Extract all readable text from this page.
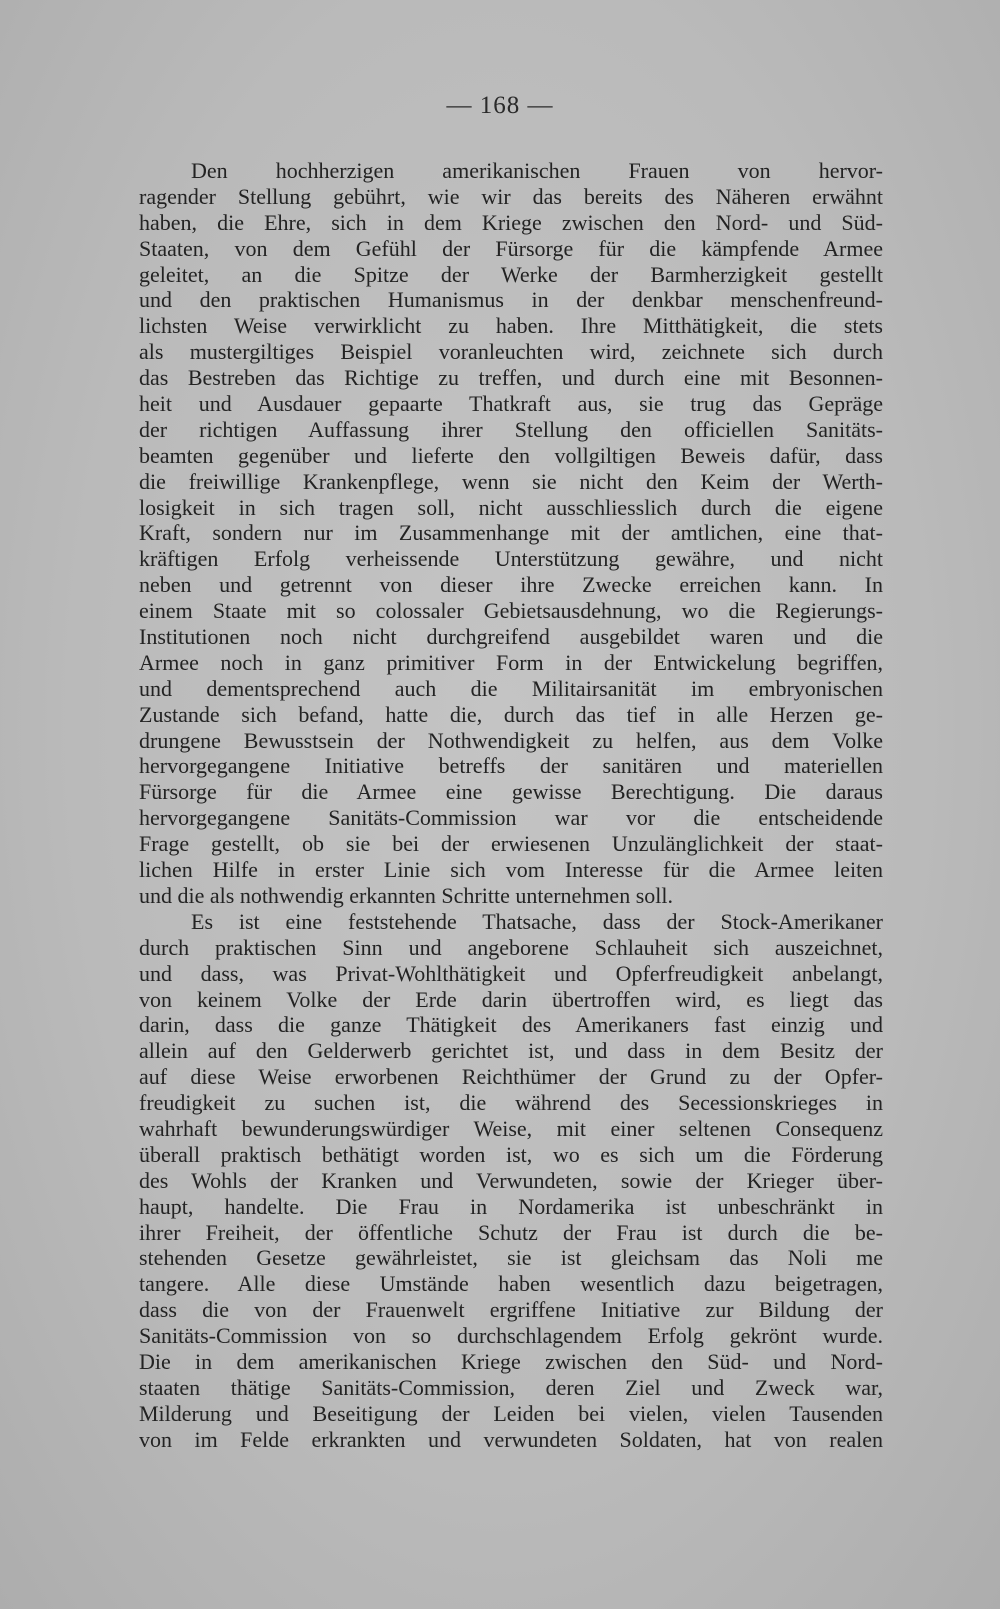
— 168 —
Den hochherzigen amerikanischen Frauen von hervor-
ragender Stellung gebührt, wie wir das bereits des Näheren erwähnt
haben, die Ehre, sich in dem Kriege zwischen den Nord- und Süd-
Staaten, von dem Gefühl der Fürsorge für die kämpfende Armee
geleitet, an die Spitze der Werke der Barmherzigkeit gestellt
und den praktischen Humanismus in der denkbar menschenfreund-
lichsten Weise verwirklicht zu haben. Ihre Mitthätigkeit, die stets
als mustergiltiges Beispiel voranleuchten wird, zeichnete sich durch
das Bestreben das Richtige zu treffen, und durch eine mit Besonnen-
heit und Ausdauer gepaarte Thatkraft aus, sie trug das Gepräge
der richtigen Auffassung ihrer Stellung den officiellen Sanitäts-
beamten gegenüber und lieferte den vollgiltigen Beweis dafür, dass
die freiwillige Krankenpflege, wenn sie nicht den Keim der Werth-
losigkeit in sich tragen soll, nicht ausschliesslich durch die eigene
Kraft, sondern nur im Zusammenhange mit der amtlichen, eine that-
kräftigen Erfolg verheissende Unterstützung gewähre, und nicht
neben und getrennt von dieser ihre Zwecke erreichen kann. In
einem Staate mit so colossaler Gebietsausdehnung, wo die Regierungs-
Institutionen noch nicht durchgreifend ausgebildet waren und die
Armee noch in ganz primitiver Form in der Entwickelung begriffen,
und dementsprechend auch die Militairsanität im embryonischen
Zustande sich befand, hatte die, durch das tief in alle Herzen ge-
drungene Bewusstsein der Nothwendigkeit zu helfen, aus dem Volke
hervorgegangene Initiative betreffs der sanitären und materiellen
Fürsorge für die Armee eine gewisse Berechtigung. Die daraus
hervorgegangene Sanitäts-Commission war vor die entscheidende
Frage gestellt, ob sie bei der erwiesenen Unzulänglichkeit der staat-
lichen Hilfe in erster Linie sich vom Interesse für die Armee leiten
und die als nothwendig erkannten Schritte unternehmen soll.
Es ist eine feststehende Thatsache, dass der Stock-Amerikaner
durch praktischen Sinn und angeborene Schlauheit sich auszeichnet,
und dass, was Privat-Wohlthätigkeit und Opferfreudigkeit anbelangt,
von keinem Volke der Erde darin übertroffen wird, es liegt das
darin, dass die ganze Thätigkeit des Amerikaners fast einzig und
allein auf den Gelderwerb gerichtet ist, und dass in dem Besitz der
auf diese Weise erworbenen Reichthümer der Grund zu der Opfer-
freudigkeit zu suchen ist, die während des Secessionskrieges in
wahrhaft bewunderungswürdiger Weise, mit einer seltenen Consequenz
überall praktisch bethätigt worden ist, wo es sich um die Förderung
des Wohls der Kranken und Verwundeten, sowie der Krieger über-
haupt, handelte. Die Frau in Nordamerika ist unbeschränkt in
ihrer Freiheit, der öffentliche Schutz der Frau ist durch die be-
stehenden Gesetze gewährleistet, sie ist gleichsam das Noli me
tangere. Alle diese Umstände haben wesentlich dazu beigetragen,
dass die von der Frauenwelt ergriffene Initiative zur Bildung der
Sanitäts-Commission von so durchschlagendem Erfolg gekrönt wurde.
Die in dem amerikanischen Kriege zwischen den Süd- und Nord-
staaten thätige Sanitäts-Commission, deren Ziel und Zweck war,
Milderung und Beseitigung der Leiden bei vielen, vielen Tausenden
von im Felde erkrankten und verwundeten Soldaten, hat von realen
